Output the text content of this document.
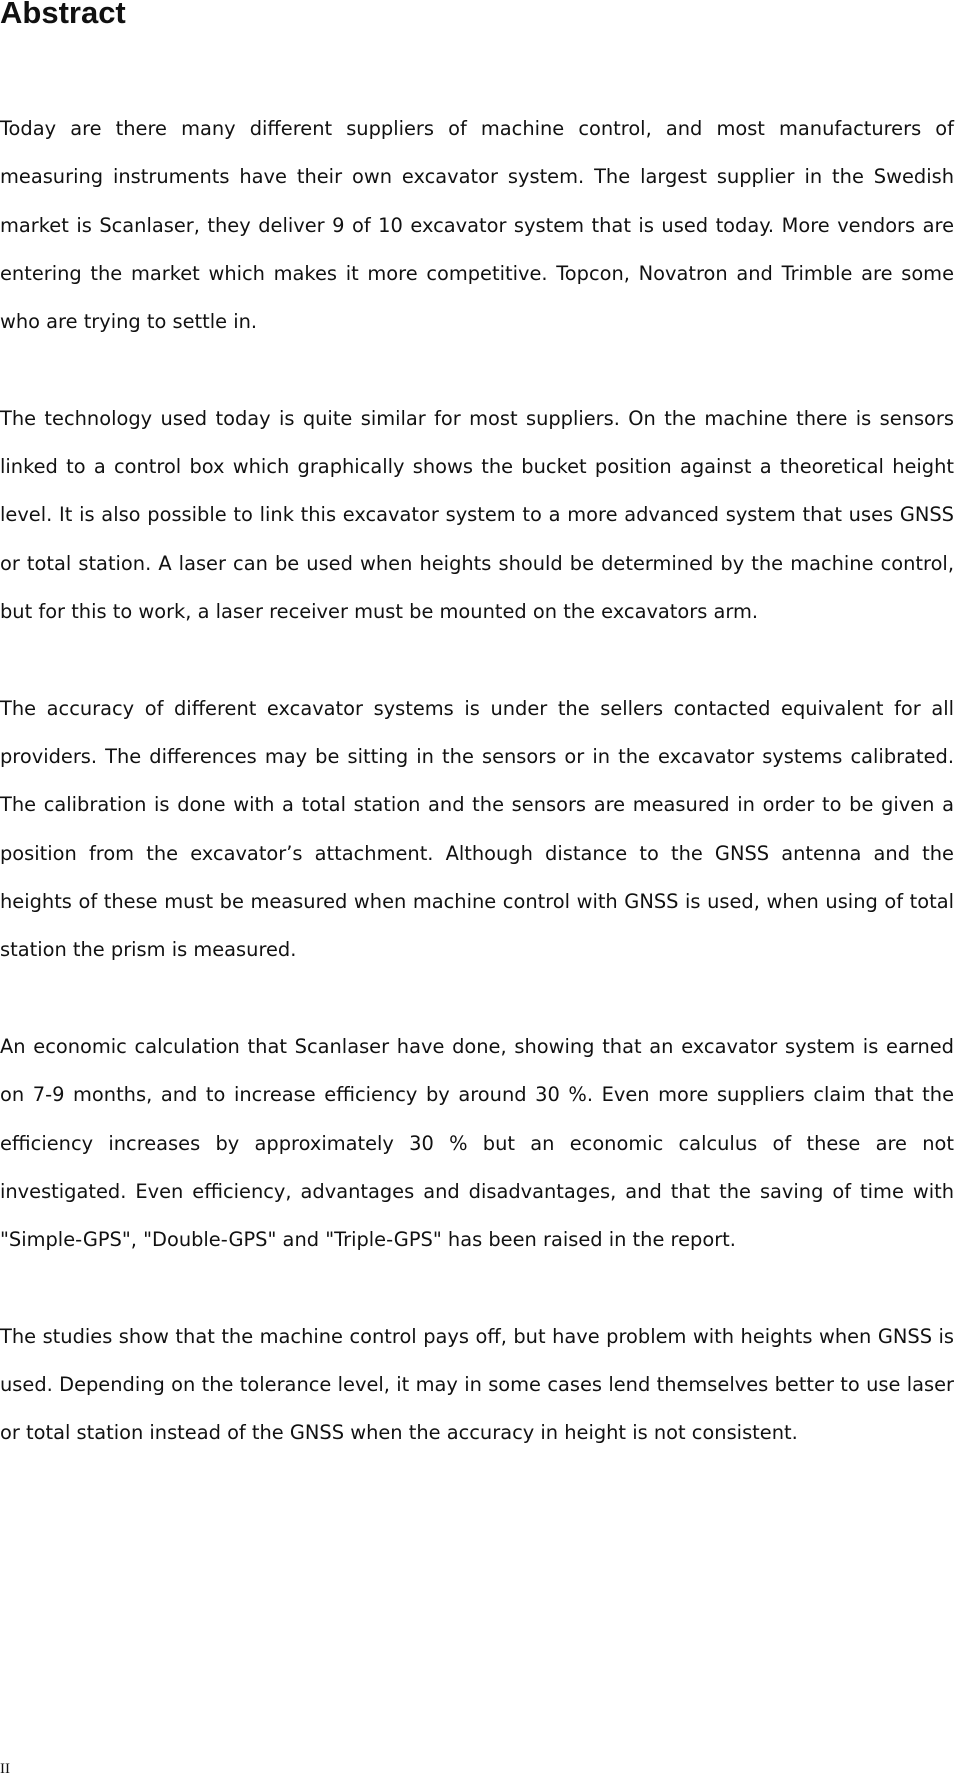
Abstract

Today are there many different suppliers of machine control, and most manufacturers of measuring instruments have their own excavator system. The largest supplier in the Swedish market is Scanlaser, they deliver 9 of 10 excavator system that is used today. More vendors are entering the market which makes it more competitive. Topcon, Novatron and Trimble are some who are trying to settle in.

The technology used today is quite similar for most suppliers. On the machine there is sensors linked to a control box which graphically shows the bucket position against a theoretical height level. It is also possible to link this excavator system to a more advanced system that uses GNSS or total station. A laser can be used when heights should be determined by the machine control, but for this to work, a laser receiver must be mounted on the excavators arm.

The accuracy of different excavator systems is under the sellers contacted equivalent for all providers. The differences may be sitting in the sensors or in the excavator systems calibrated. The calibration is done with a total station and the sensors are measured in order to be given a position from the excavator’s attachment. Although distance to the GNSS antenna and the heights of these must be measured when machine control with GNSS is used, when using of total station the prism is measured.

An economic calculation that Scanlaser have done, showing that an excavator system is earned on 7-9 months, and to increase efficiency by around 30 %. Even more suppliers claim that the efficiency increases by approximately 30 % but an economic calculus of these are not investigated. Even efficiency, advantages and disadvantages, and that the saving of time with "Simple-GPS", "Double-GPS" and "Triple-GPS" has been raised in the report.

The studies show that the machine control pays off, but have problem with heights when GNSS is used. Depending on the tolerance level, it may in some cases lend themselves better to use laser or total station instead of the GNSS when the accuracy in height is not consistent.

II
